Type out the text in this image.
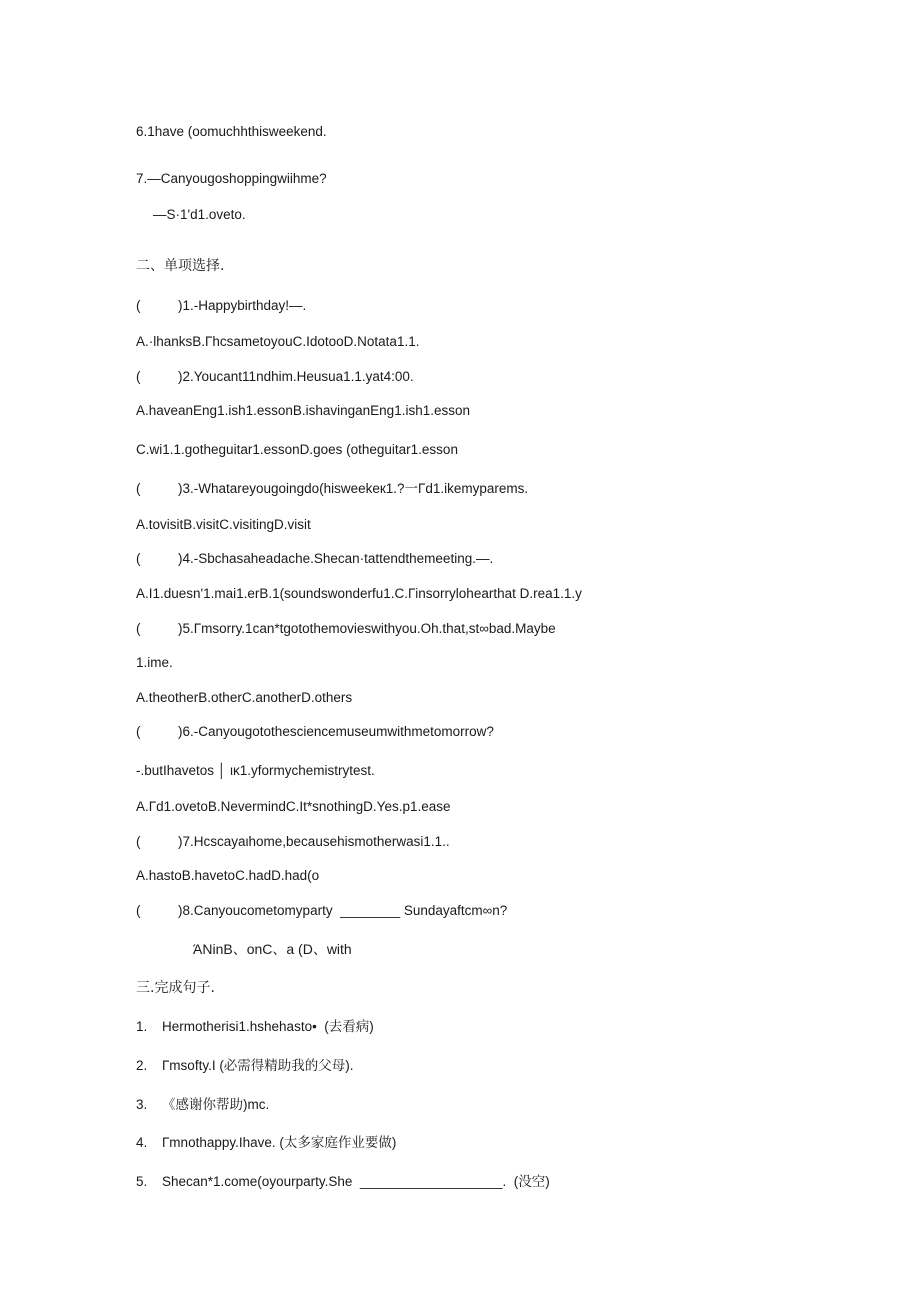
6.1have (oomuchhthisweekend.
7.—Canyougoshoppingwiihme?
—S·1'd1.oveto.
二、单项选择.
(          )1.-Happybirthday!—.
A.·lhanksB.ГhcsametoyouC.IdotooD.Notata1.1.
(          )2.Youcant11ndhim.Heusua1.1.yat4:00.
A.haveanEng1.ish1.essonB.ishavinganEng1.ish1.esson
C.wi1.1.gotheguitar1.essonD.goes (otheguitar1.esson
(          )3.-Whatareyougoingdo(hisweekeк1.?一Гd1.ikemyparems.
A.tovisitB.visitC.visitingD.visit
(          )4.-Sbchasaheadache.Shecan·tattendthemeeting.—.
A.I1.duesn'1.mai1.erB.1(soundswonderfu1.C.Гinsorrylohearthat D.rea1.1.y
(          )5.Гmsorry.1can*tgotothemovieswithyou.Oh.that,st∞bad.Maybe
1.ime.
A.theotherB.otherC.anotherD.others
(          )6.-Canyougotothesciencemuseumwithmetomorrow?
-.butIhavetos │ ικ1.yformychemistrytest.
A.Гd1.ovetoB.NevermindC.It*snothingD.Yes.p1.ease
(          )7.Hcscayaιhome,becausehismotherwasi1.1..
A.hastoB.havetoC.hadD.had(o
(          )8.Canyoucometomyparty  ________ Sundayaftcm∞n?
ΆNinB、onC、a (D、with
三.完成句子.
1. Hermotherisi1.hshehasto•  (去看病)
2. Гmsofty.I (必需得精助我的父母).
3. 《感谢你帮助)mc.
4. Гmnothappy.Ihave. (太多家庭作业要做)
5. Shecan*1.come(oyourparty.She  ___________________.  (没空)
